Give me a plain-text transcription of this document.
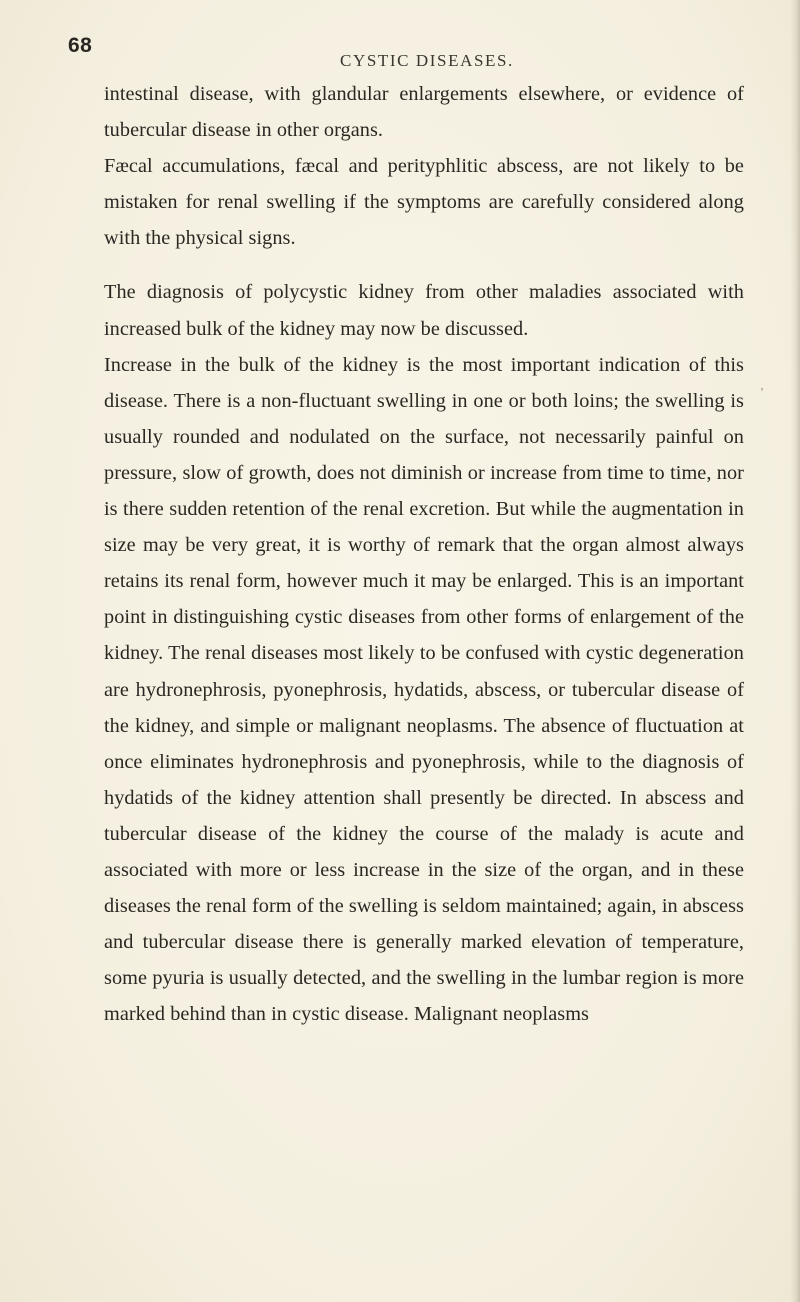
68
CYSTIC DISEASES.

intestinal disease, with glandular enlargements elsewhere, or evidence of tubercular disease in other organs.

Fæcal accumulations, fæcal and perityphlitic abscess, are not likely to be mistaken for renal swelling if the symptoms are carefully considered along with the physical signs.

The diagnosis of polycystic kidney from other maladies associated with increased bulk of the kidney may now be discussed.

Increase in the bulk of the kidney is the most important indication of this disease. There is a non-fluctuant swelling in one or both loins; the swelling is usually rounded and nodulated on the surface, not necessarily painful on pressure, slow of growth, does not diminish or increase from time to time, nor is there sudden retention of the renal excretion. But while the augmentation in size may be very great, it is worthy of remark that the organ almost always retains its renal form, however much it may be enlarged. This is an important point in distinguishing cystic diseases from other forms of enlargement of the kidney. The renal diseases most likely to be confused with cystic degeneration are hydronephrosis, pyonephrosis, hydatids, abscess, or tubercular disease of the kidney, and simple or malignant neoplasms. The absence of fluctuation at once eliminates hydronephrosis and pyonephrosis, while to the diagnosis of hydatids of the kidney attention shall presently be directed. In abscess and tubercular disease of the kidney the course of the malady is acute and associated with more or less increase in the size of the organ, and in these diseases the renal form of the swelling is seldom maintained; again, in abscess and tubercular disease there is generally marked elevation of temperature, some pyuria is usually detected, and the swelling in the lumbar region is more marked behind than in cystic disease. Malignant neoplasms

‚
